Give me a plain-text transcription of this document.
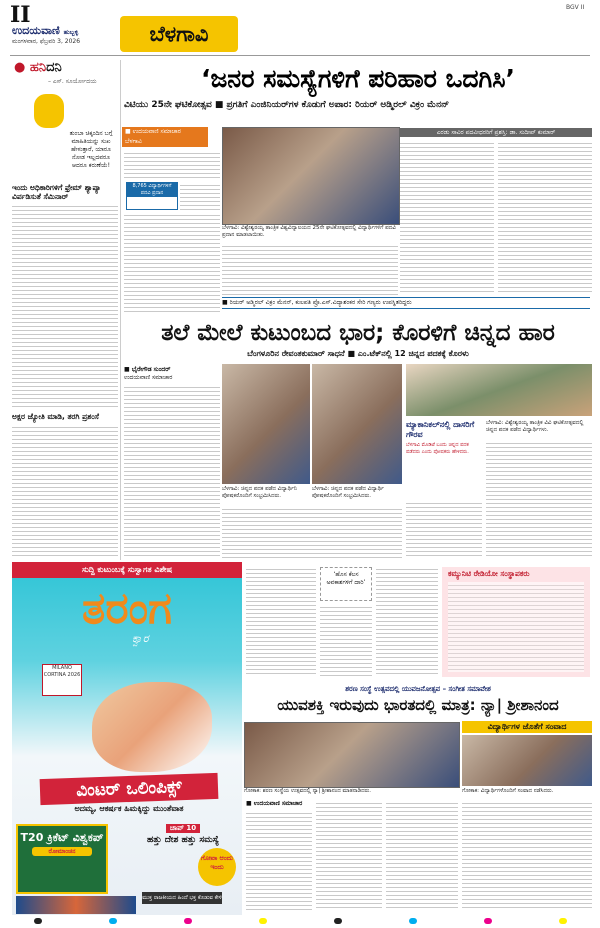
II
ಉದಯವಾಣಿ ಹುಬ್ಬಳ್ಳಿ
ಮಂಗಳವಾರ, ಫೆಬ್ರವರಿ 3, 2026	ಬೆಳಗಾವಿ
BGV II
● ಹನಿದನಿ
– ಎಸ್. ಸೂರ್ಯೋದಯ
ತುಂಬಾ ಚಿಕ್ಕಂದಿನ ಬಗ್ಗೆ ಮಾಹಿತಿಯನ್ನು ಸುಖ ಹೇಳುತ್ತಾರೆ, ಯಾರೂ ನೋಡ ಇಲ್ಲದವರೂ ಆದರೂ ಕರುಣೆಯೆ!
ಇಂದು ಅಧಿಕಾರಿಗಳಿಗೆ ಫ್ರೇಮ್ ಶ್ಯಾಪ್ಯಾ ವಿರ್ಪಡಿಸುತೆ ಸೆಮಿನಾರ್
ಅಕ್ಷರ ಜ್ಯೋತಿ ಮಾಡಿ, ತರಗಿ ಪ್ರಶಂಸೆ
‘ಜನರ ಸಮಸ್ಯೆಗಳಿಗೆ ಪರಿಹಾರ ಒದಗಿಸಿ’
ವಿಟಿಯು 25ನೇ ಘಟಿಕೋತ್ಸವ ■ ಪ್ರಗತಿಗೆ ಎಂಜಿನಿಯರ್‌ಗಳ ಕೊಡುಗೆ ಅಪಾರ: ರಿಯರ್ ಅಡ್ಮಿರಲ್ ವಿಕ್ರಂ ಮೆನನ್
■ ಉದಯವಾಣಿ ಸಮಾಚಾರ
ಬೆಳಗಾವಿ
8,765 ವಿದ್ಯಾರ್ಥಿಗಳಿಗೆ ಪದವಿ ಪ್ರದಾನ
ಬೆಳಗಾವಿ: ವಿಶ್ವೇಶ್ವರಯ್ಯ ತಾಂತ್ರಿಕ ವಿಶ್ವವಿದ್ಯಾಲಯದ 25ನೇ ಘಟಿಕೋತ್ಸವದಲ್ಲಿ ವಿದ್ಯಾರ್ಥಿಗಳಿಗೆ ಪದವಿ ಪ್ರದಾನ ಮಾಡಲಾಯಿತು.
ಎರಡು ಸಾವಿರ ಪದವೀಧರರಿಗೆ ಪ್ರಶಸ್ತಿ: ಡಾ. ಸುದೀಪ್ ಕುಮಾರ್
■ ರಿಯರ್ ಅಡ್ಮಿರಲ್ ವಿಕ್ರಂ ಮೆನನ್, ಕುಲಪತಿ ಪ್ರೊ.ಎಸ್.ವಿದ್ಯಾಶಂಕರ ಸೇರಿ ಗಣ್ಯರು ಉಪಸ್ಥಿತರಿದ್ದರು
ತಲೆ ಮೇಲೆ ಕುಟುಂಬದ ಭಾರ; ಕೊರಳಿಗೆ ಚಿನ್ನದ ಹಾರ
ಬೆಂಗಳೂರಿನ ರೇವಂತಕುಮಾರ್ ಸಾಧನೆ ■ ಎಂ.ಟೆಕ್‌ನಲ್ಲಿ 12 ಚಿನ್ನದ ಪದಕಕ್ಕೆ ಕೊರಳು
■ ಭೈರೇಗೌಡ ಸುಂದರ್
ಉದಯವಾಣಿ ಸಮಾಚಾರ
ಬೆಳಗಾವಿ: ಚಿನ್ನದ ಪದಕ ಪಡೆದ ವಿದ್ಯಾರ್ಥಿನಿ ಪೋಷಕರೊಂದಿಗೆ ಸಂಭ್ರಮಿಸಿದರು.
ಬೆಳಗಾವಿ: ಚಿನ್ನದ ಪದಕ ಪಡೆದ ವಿದ್ಯಾರ್ಥಿ ಪೋಷಕರೊಂದಿಗೆ ಸಂಭ್ರಮಿಸಿದರು.
ಬೆಳಗಾವಿ: ವಿಶ್ವೇಶ್ವರಯ್ಯ ತಾಂತ್ರಿಕ ವಿವಿ ಘಟಿಕೋತ್ಸವದಲ್ಲಿ ಚಿನ್ನದ ಪದಕ ಪಡೆದ ವಿದ್ಯಾರ್ಥಿಗಳು.
ಮ್ಯಾಕಾನಿಕಲ್‌ನಲ್ಲಿ ದಾಸರಿಗೆ ಗೌರವ
ಬೆಳಗಾವಿ ಮೊಡಿಟೆ ಬಂದು ಚಿನ್ನದ ಪದಕ ಪಡೆದರು ಎಂದು ಪೋಷಕರು ಹೇಳಿದರು.
ಸುದ್ದಿ ಕುಟುಂಬಕ್ಕೆ ಸುಸ್ವಾಗತ ವಿಶೇಷ
ತರಂಗ
ಕ್ವಾರ
MILANO CORTINA 2026
ವಿಂಟರ್ ಒಲಿಂಪಿಕ್ಸ್
ಅದಮ್ಯ, ಆಕರ್ಷಕ ಹಿಮಕ್ಕಿದ್ದು ಮುಂತೆವಾತ
T20 ಕ್ರಿಕೆಟ್ ವಿಶ್ವಕಪ್
ರೋಮಾಂಚನ
ಚಾಪ್ 10
ಹತ್ತು ದೇಶ ಹತ್ತು ಸಮಸ್ಯೆ
ಗೋವಾ ಆಂದು ಇಂದು
ಮುಕ್ತ ರಾಜಕೀಯದ ಹಿಂದೆ ಭಕ್ತ ಕೊಡುವ ಕೇಳಿ
‘ಹೊಸ ಕೆಲಸ ಅವಕಾಶಗಳಿಗೆ ದಾರಿ’
ಕಮ್ಯುನಿಟಿ ರೇಡಿಯೋ ಸಂಸ್ಥಾಪಕರು
ಶರಣ ಸಂಸ್ಥೆ ಉತ್ಸವದಲ್ಲಿ ಯುವಜನೋತ್ಸವ – ಸಂಗೀತ ಸಮಾವೇಶ
ಯುವಶಕ್ತಿ ಇರುವುದು ಭಾರತದಲ್ಲಿ ಮಾತ್ರ: ನ್ಯಾ| ಶ್ರೀಶಾನಂದ
ವಿದ್ಯಾರ್ಥಿಗಳ ಜೊತೆಗೆ ಸಂವಾದ
ಗೋಕಾಕ: ಶರಣ ಸಂಸ್ಥೆಯ ಉತ್ಸವದಲ್ಲಿ ನ್ಯಾ| ಶ್ರೀಶಾನಂದ ಮಾತನಾಡಿದರು.	ಗೋಕಾಕ: ವಿದ್ಯಾರ್ಥಿಗಳೊಂದಿಗೆ ಸಂವಾದ ನಡೆಸಿದರು.
■ ಉದಯವಾಣಿ ಸಮಾಚಾರ
